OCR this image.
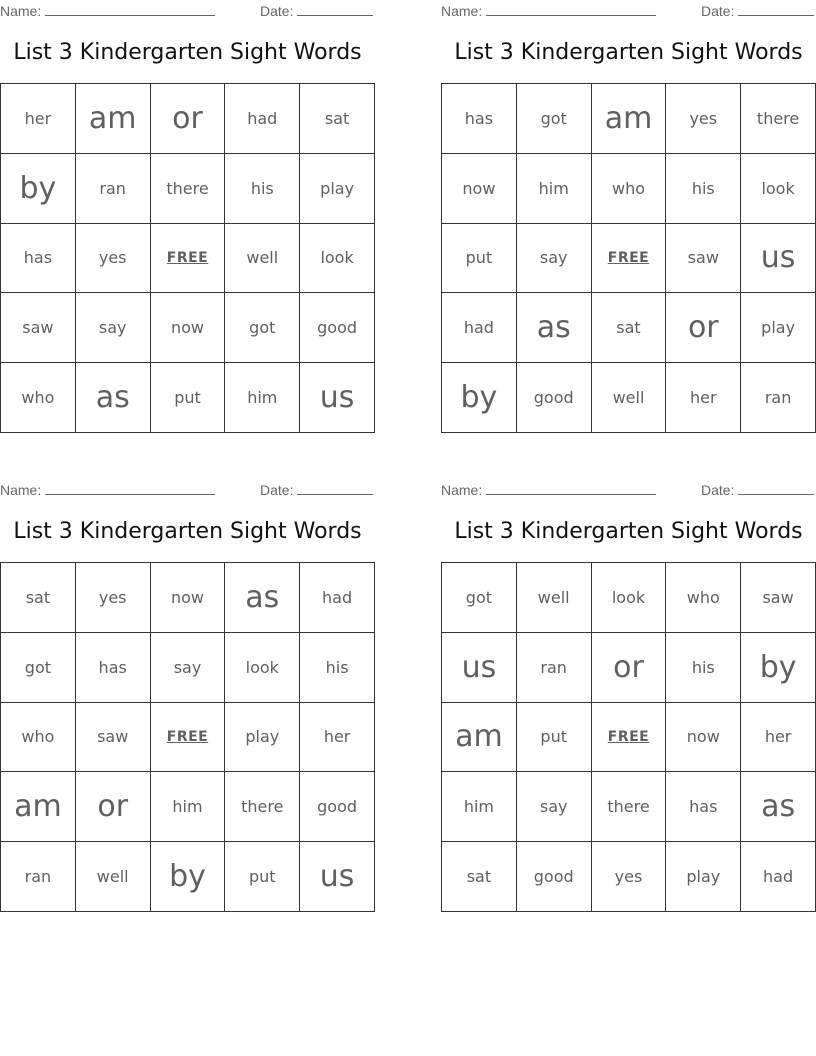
Name:	Date:
List 3 Kindergarten Sight Words
her	am	or	had	sat
by	ran	there	his	play
has	yes	FREE	well	look
saw	say	now	got	good
who	as	put	him	us
Name:	Date:
List 3 Kindergarten Sight Words
has	got	am	yes	there
now	him	who	his	look
put	say	FREE	saw	us
had	as	sat	or	play
by	good	well	her	ran
Name:	Date:
List 3 Kindergarten Sight Words
sat	yes	now	as	had
got	has	say	look	his
who	saw	FREE	play	her
am	or	him	there	good
ran	well	by	put	us
Name:	Date:
List 3 Kindergarten Sight Words
got	well	look	who	saw
us	ran	or	his	by
am	put	FREE	now	her
him	say	there	has	as
sat	good	yes	play	had
